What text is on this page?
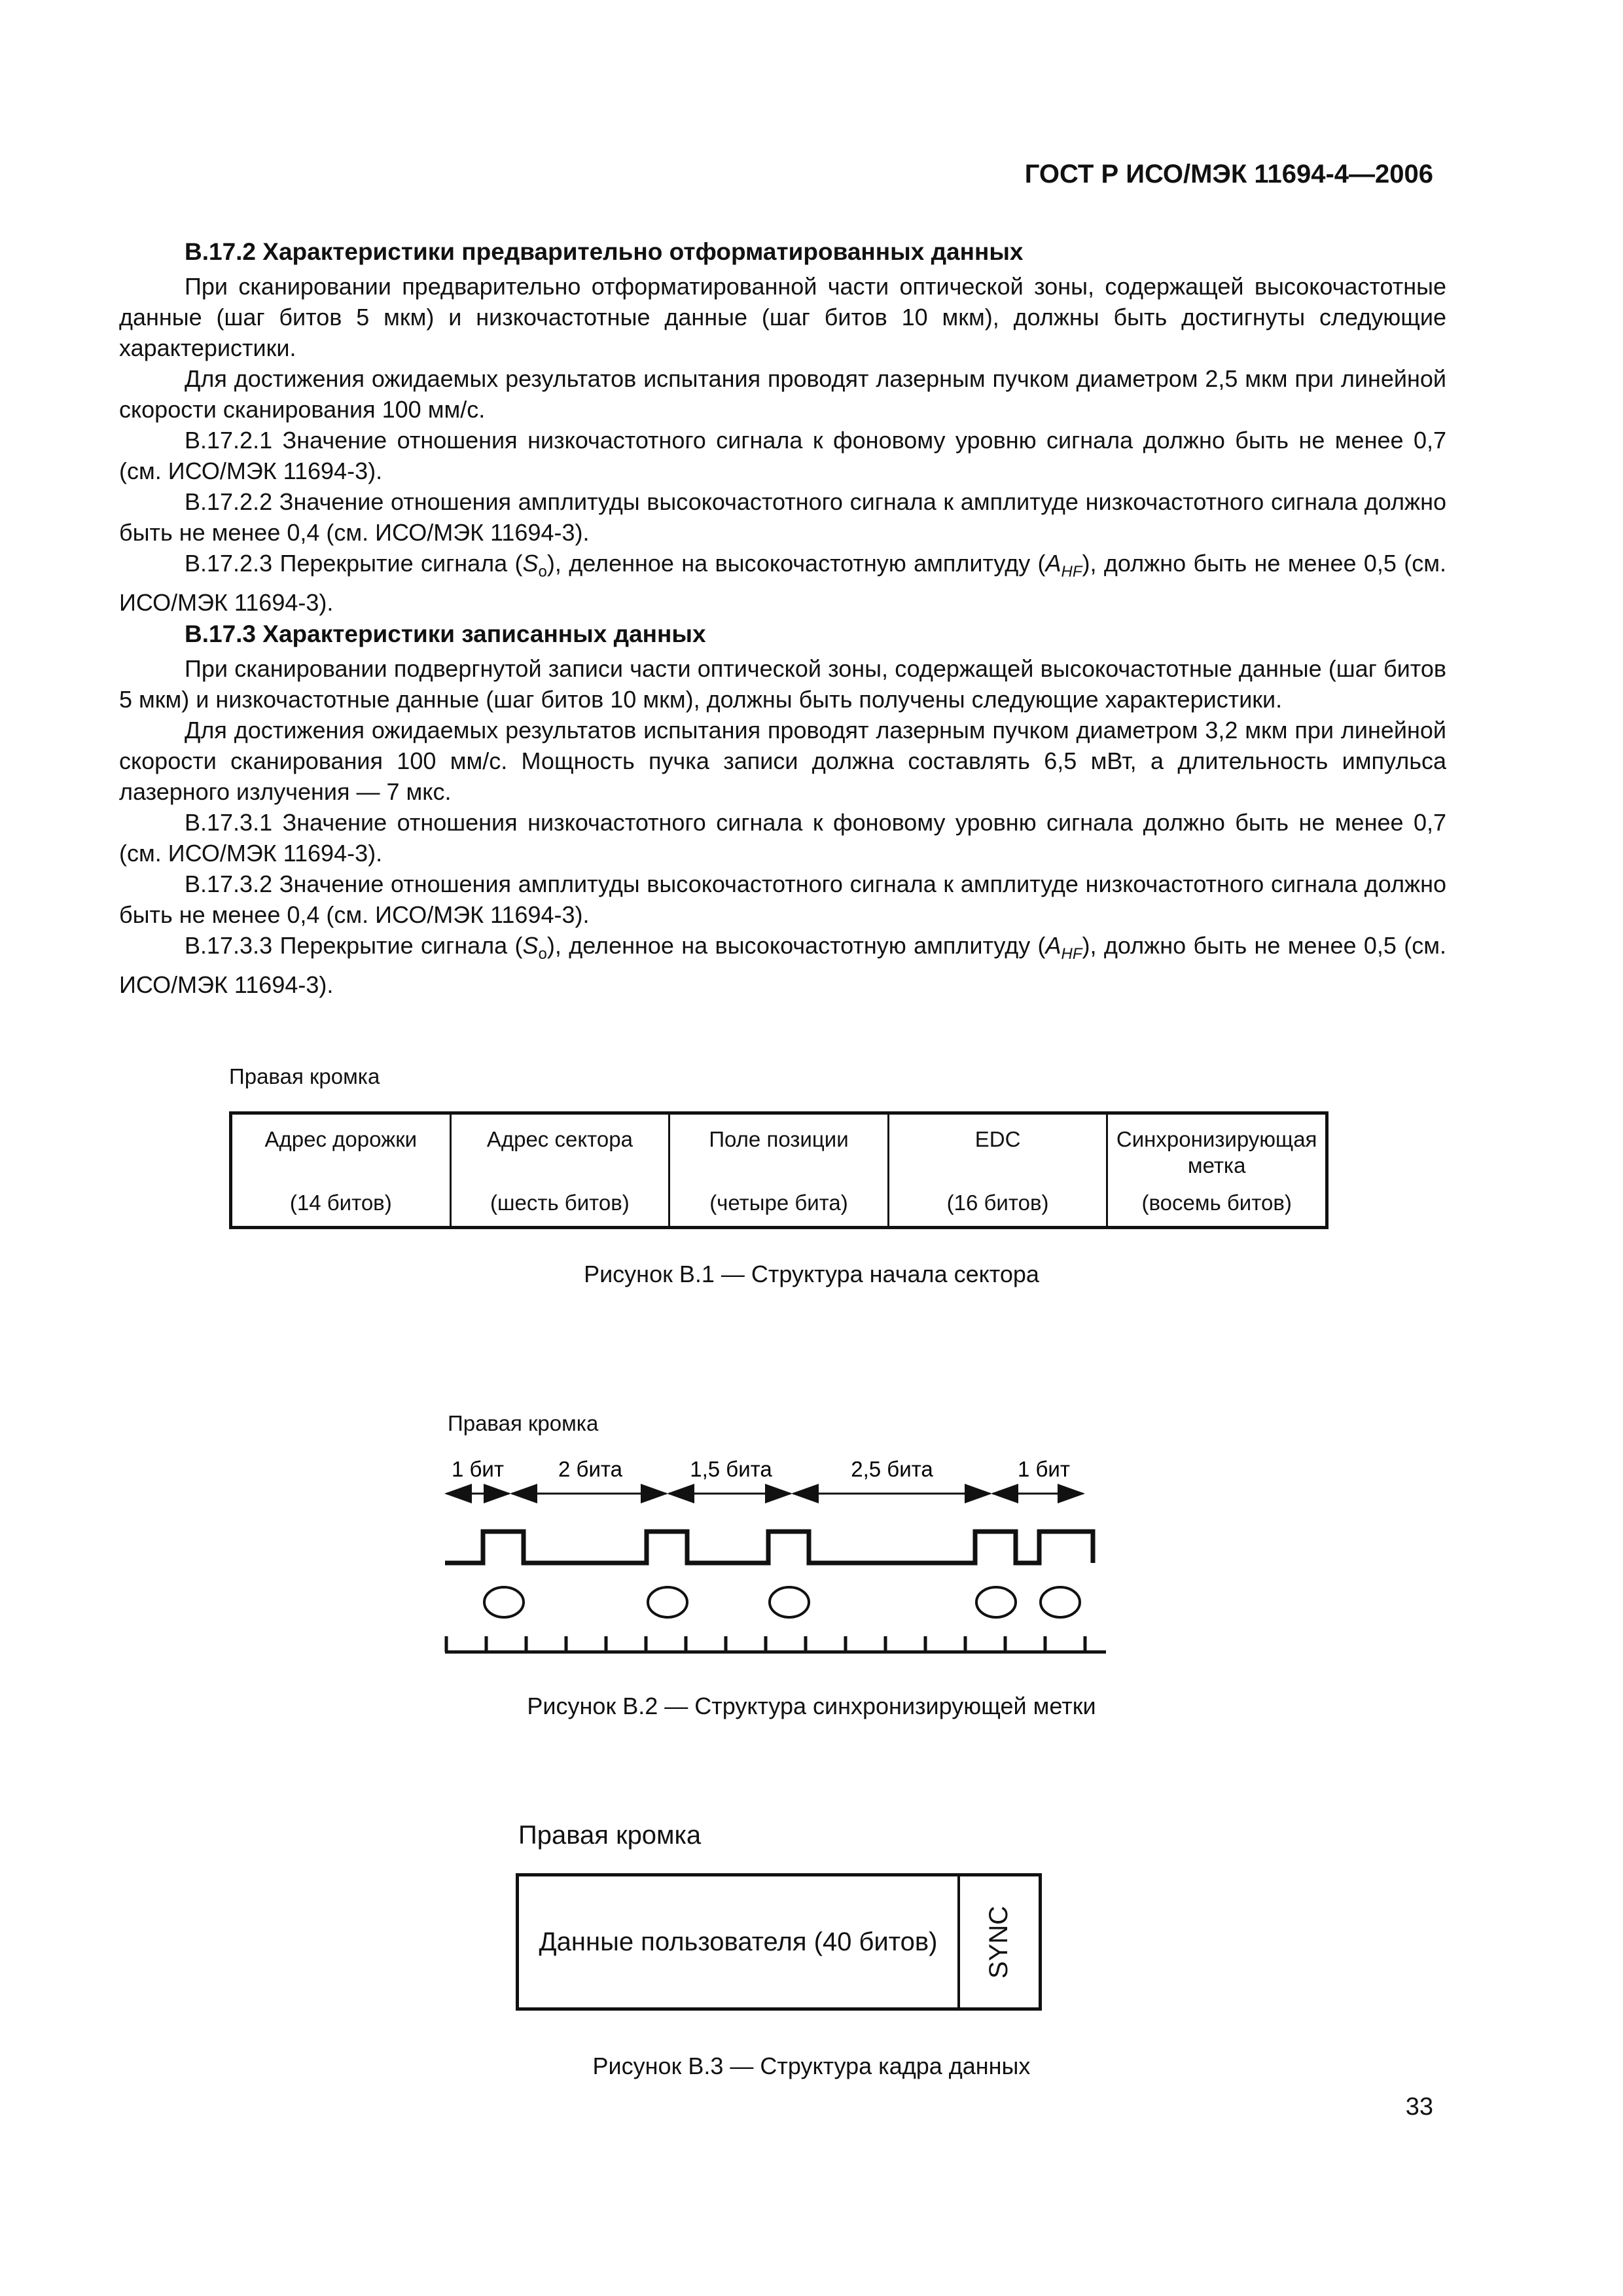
ГОСТ Р ИСО/МЭК 11694-4—2006

В.17.2 Характеристики предварительно отформатированных данных

При сканировании предварительно отформатированной части оптической зоны, содержащей высокочастотные данные (шаг битов 5 мкм) и низкочастотные данные (шаг битов 10 мкм), должны быть достигнуты следующие характеристики.

Для достижения ожидаемых результатов испытания проводят лазерным пучком диаметром 2,5 мкм при линейной скорости сканирования 100 мм/с.

В.17.2.1 Значение отношения низкочастотного сигнала к фоновому уровню сигнала должно быть не менее 0,7 (см. ИСО/МЭК 11694-3).

В.17.2.2 Значение отношения амплитуды высокочастотного сигнала к амплитуде низкочастотного сигнала должно быть не менее 0,4 (см. ИСО/МЭК 11694-3).

В.17.2.3 Перекрытие сигнала $(S_o)$, деленное на высокочастотную амплитуду $(A_{HF})$, должно быть не менее 0,5 (см. ИСО/МЭК 11694-3).

В.17.3 Характеристики записанных данных

При сканировании подвергнутой записи части оптической зоны, содержащей высокочастотные данные (шаг битов 5 мкм) и низкочастотные данные (шаг битов 10 мкм), должны быть получены следующие характеристики.

Для достижения ожидаемых результатов испытания проводят лазерным пучком диаметром 3,2 мкм при линейной скорости сканирования 100 мм/с. Мощность пучка записи должна составлять 6,5 мВт, а длительность импульса лазерного излучения — 7 мкс.

В.17.3.1 Значение отношения низкочастотного сигнала к фоновому уровню сигнала должно быть не менее 0,7 (см. ИСО/МЭК 11694-3).

В.17.3.2 Значение отношения амплитуды высокочастотного сигнала к амплитуде низкочастотного сигнала должно быть не менее 0,4 (см. ИСО/МЭК 11694-3).

В.17.3.3 Перекрытие сигнала $(S_o)$, деленное на высокочастотную амплитуду $(A_{HF})$, должно быть не менее 0,5 (см. ИСО/МЭК 11694-3).

Правая кромка
Адрес дорожки
(14 битов)
Адрес сектора
(шесть битов)
Поле позиции
(четыре бита)
EDC
(16 битов)
Синхронизирующая метка
(восемь битов)
Рисунок В.1 — Структура начала сектора
Правая кромка
1 бит	2 бита	1,5 бита	2,5 бита	1 бит
Рисунок В.2 — Структура синхронизирующей метки
Правая кромка
Данные пользователя (40 битов) SYNC
Рисунок В.3 — Структура кадра данных
33
